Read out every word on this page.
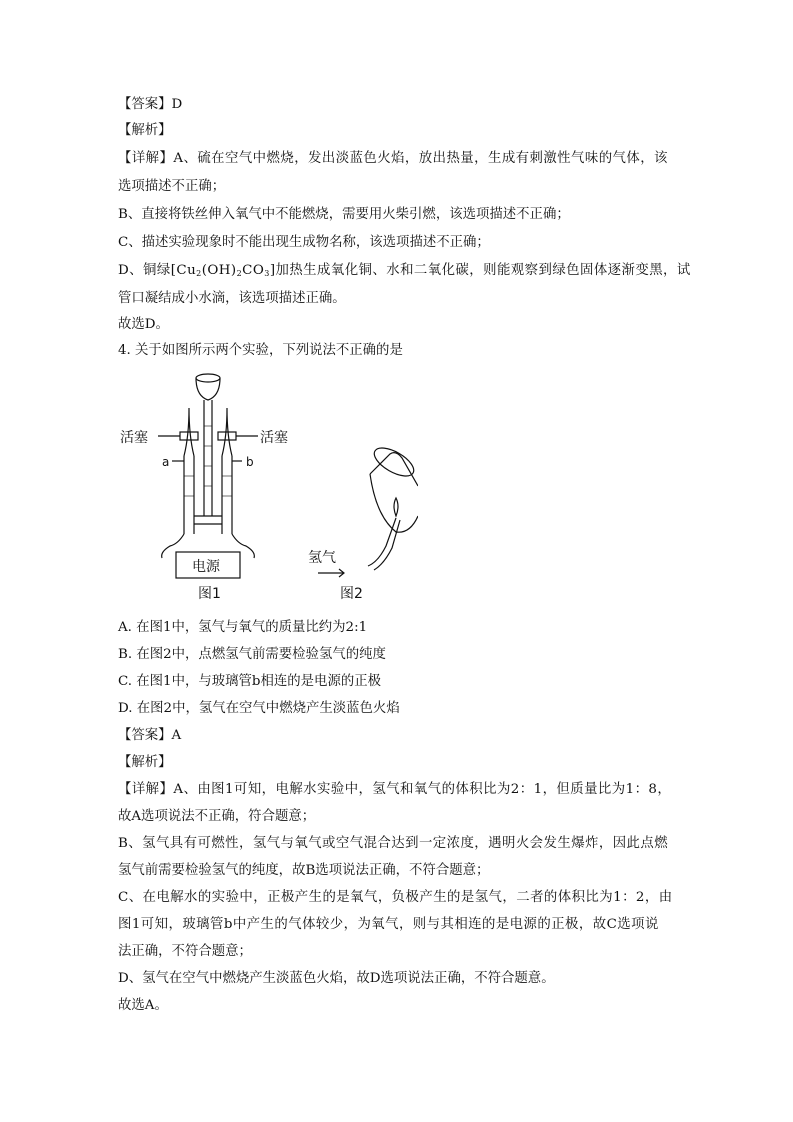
【答案】D
【解析】
【详解】A、硫在空气中燃烧，发出淡蓝色火焰，放出热量，生成有刺激性气味的气体，该
选项描述不正确；
B、直接将铁丝伸入氧气中不能燃烧，需要用火柴引燃，该选项描述不正确；
C、描述实验现象时不能出现生成物名称，该选项描述不正确；
D、铜绿$[Cu_2(OH)_2CO_3]$加热生成氧化铜、水和二氧化碳，则能观察到绿色固体逐渐变黑，试
管口凝结成小水滴，该选项描述正确。
故选D。
4. 关于如图所示两个实验，下列说法不正确的是
活塞	活塞
a	b
电源
图1
氢气
图2
A. 在图1中，氢气与氧气的质量比约为2:1
B. 在图2中，点燃氢气前需要检验氢气的纯度
C. 在图1中，与玻璃管b相连的是电源的正极
D. 在图2中，氢气在空气中燃烧产生淡蓝色火焰
【答案】A
【解析】
【详解】A、由图1可知，电解水实验中，氢气和氧气的体积比为2：1，但质量比为1：8，
故A选项说法不正确，符合题意；
B、氢气具有可燃性，氢气与氧气或空气混合达到一定浓度，遇明火会发生爆炸，因此点燃
氢气前需要检验氢气的纯度，故B选项说法正确，不符合题意；
C、在电解水的实验中，正极产生的是氧气，负极产生的是氢气，二者的体积比为1：2，由
图1可知，玻璃管b中产生的气体较少，为氧气，则与其相连的是电源的正极，故C选项说
法正确，不符合题意；
D、氢气在空气中燃烧产生淡蓝色火焰，故D选项说法正确，不符合题意。
故选A。
